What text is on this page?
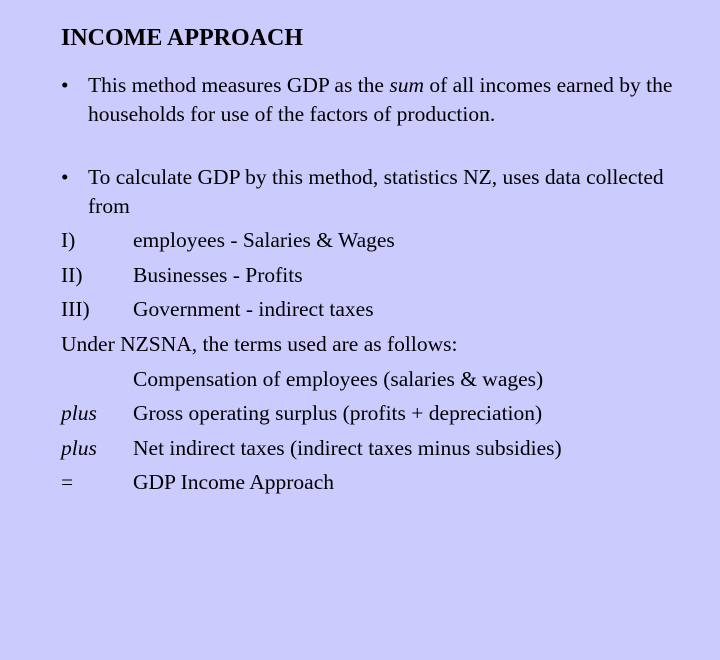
INCOME APPROACH
• This method measures GDP as the sum of all incomes earned by the households for use of the factors of production.
• To calculate GDP by this method, statistics NZ, uses data collected from
I)	employees - Salaries & Wages
II) Businesses - Profits
III) Government - indirect taxes
Under NZSNA, the terms used are as follows:
Compensation of employees (salaries & wages)
plus Gross operating surplus (profits + depreciation)
plus Net indirect taxes (indirect taxes minus subsidies)
=	GDP Income Approach
